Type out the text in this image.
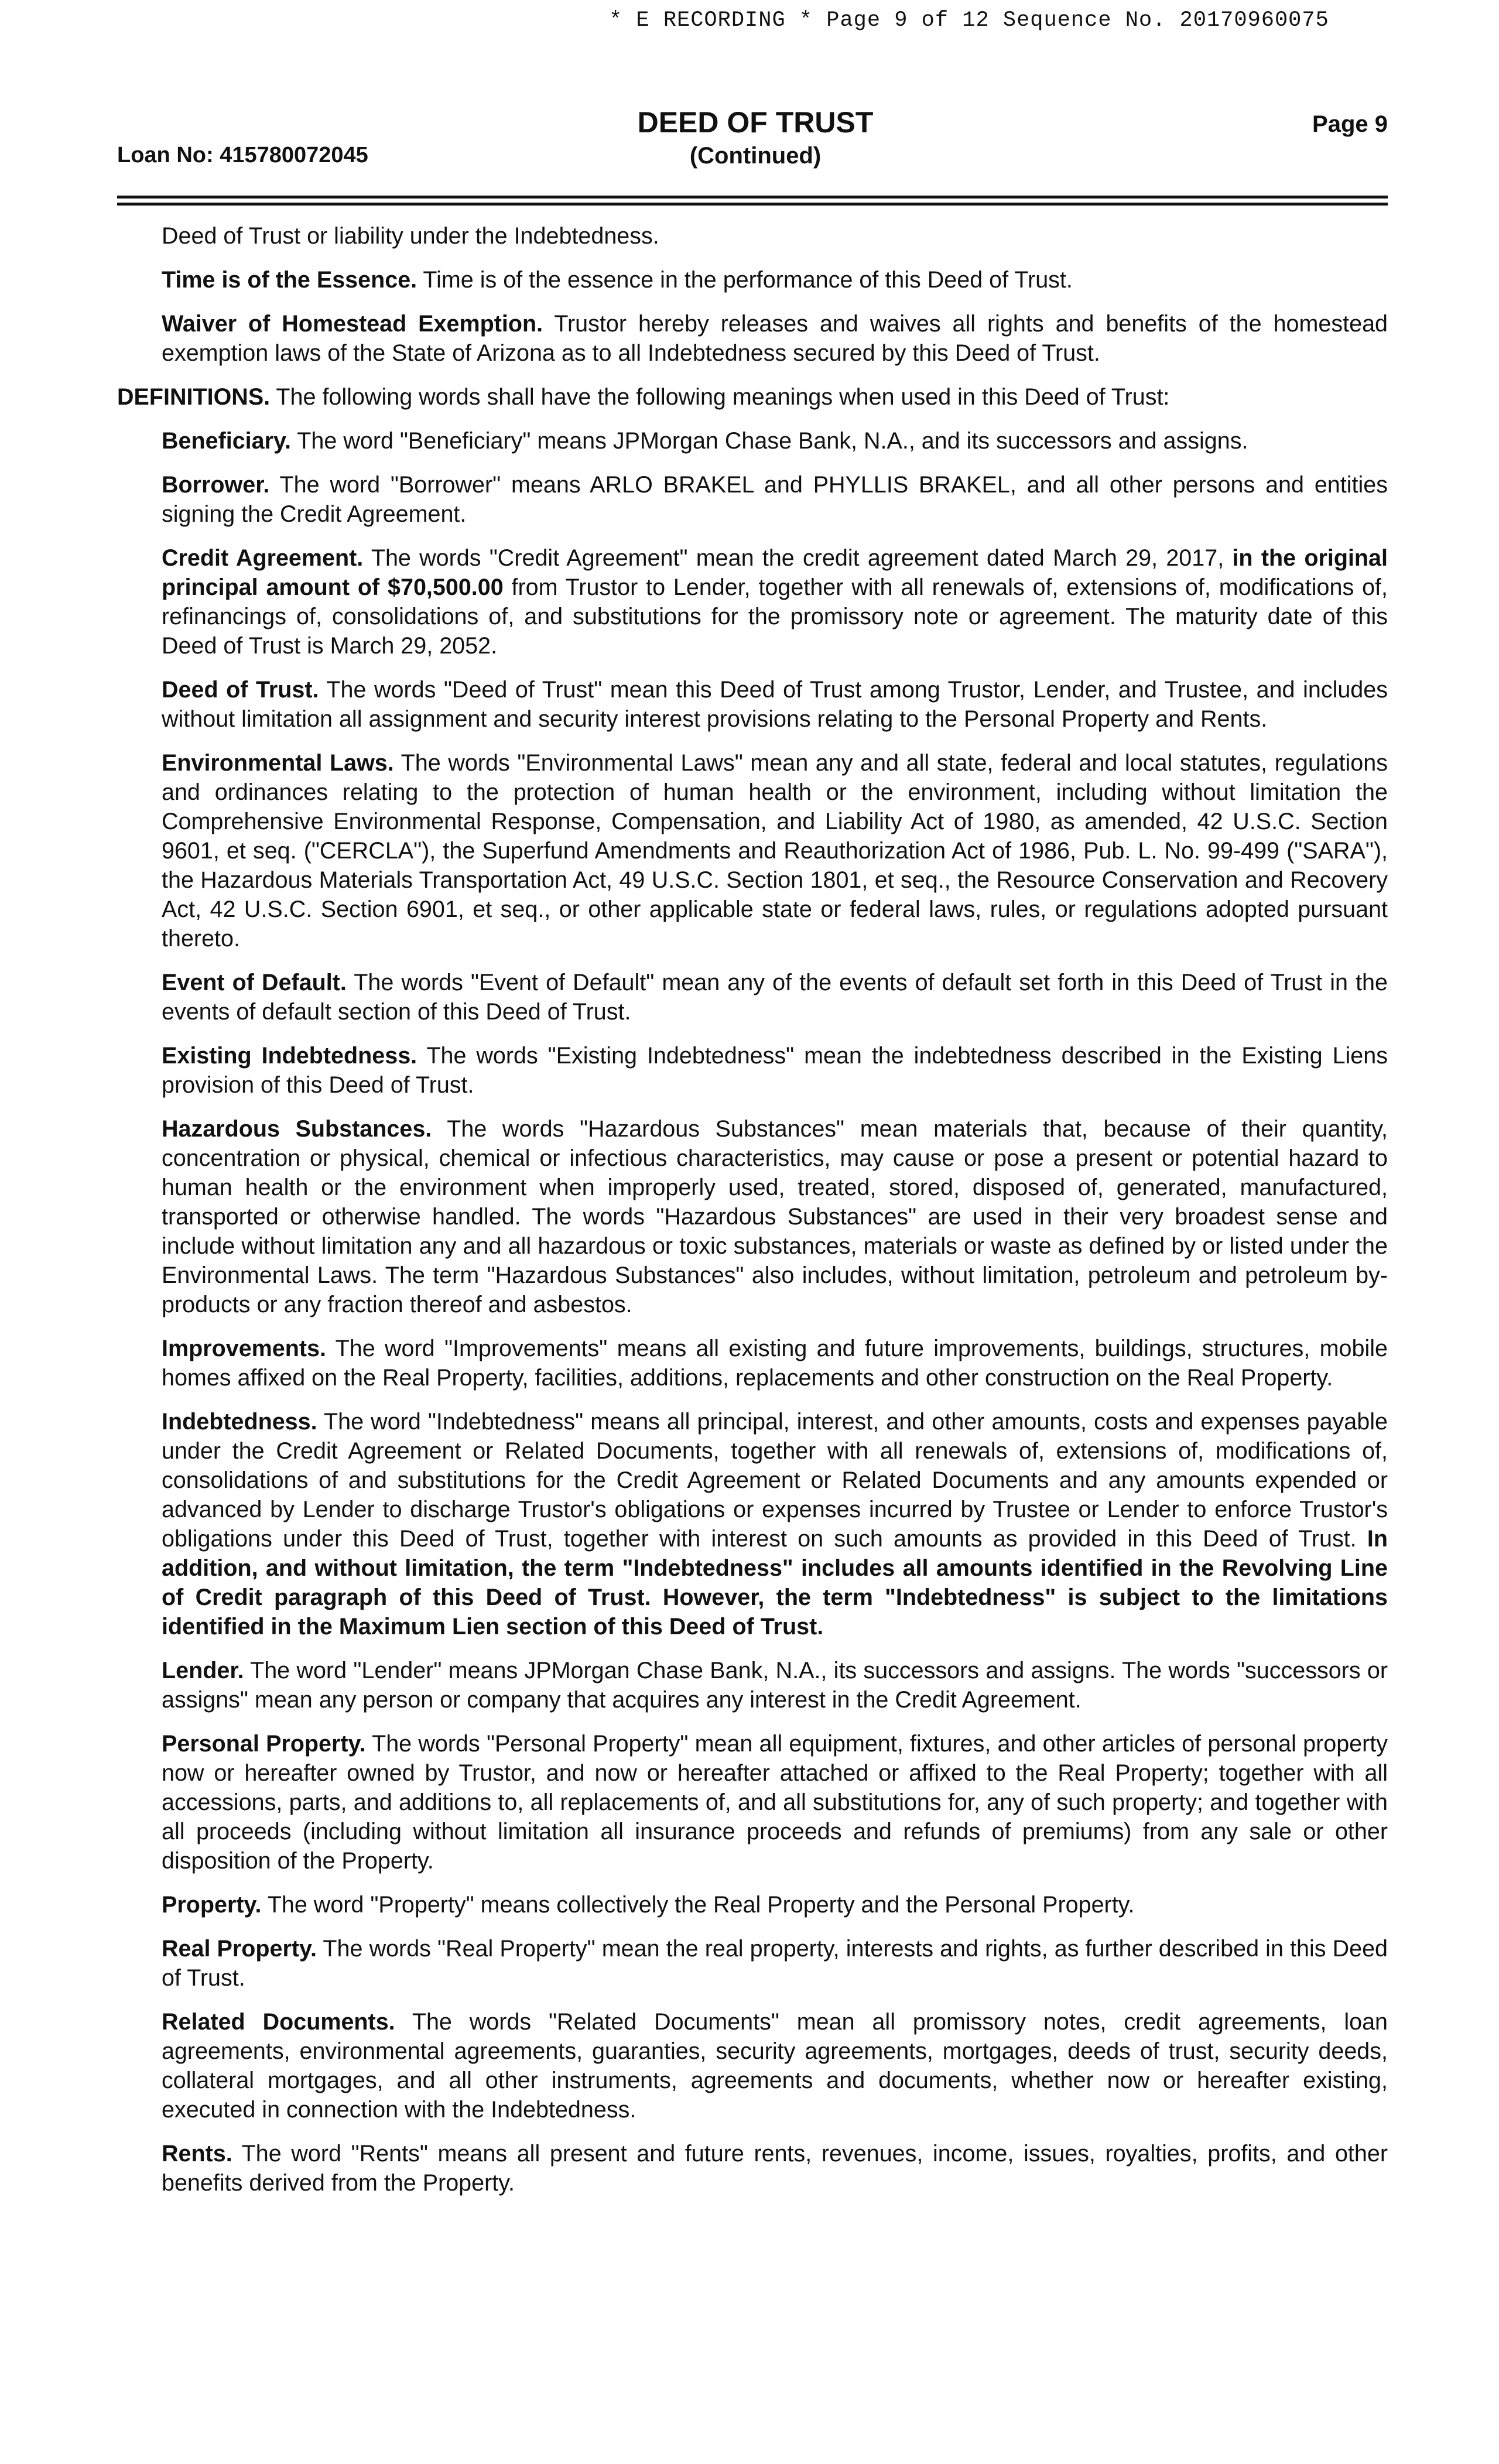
* E RECORDING * Page 9 of 12 Sequence No. 20170960075
DEED OF TRUST
(Continued)
Loan No: 415780072045
Page 9

Deed of Trust or liability under the Indebtedness.

Time is of the Essence. Time is of the essence in the performance of this Deed of Trust.

Waiver of Homestead Exemption. Trustor hereby releases and waives all rights and benefits of the homestead exemption laws of the State of Arizona as to all Indebtedness secured by this Deed of Trust.

DEFINITIONS. The following words shall have the following meanings when used in this Deed of Trust:

Beneficiary. The word "Beneficiary" means JPMorgan Chase Bank, N.A., and its successors and assigns.

Borrower. The word "Borrower" means ARLO BRAKEL and PHYLLIS BRAKEL, and all other persons and entities signing the Credit Agreement.

Credit Agreement. The words "Credit Agreement" mean the credit agreement dated March 29, 2017, in the original principal amount of $70,500.00 from Trustor to Lender, together with all renewals of, extensions of, modifications of, refinancings of, consolidations of, and substitutions for the promissory note or agreement. The maturity date of this Deed of Trust is March 29, 2052.

Deed of Trust. The words "Deed of Trust" mean this Deed of Trust among Trustor, Lender, and Trustee, and includes without limitation all assignment and security interest provisions relating to the Personal Property and Rents.

Environmental Laws. The words "Environmental Laws" mean any and all state, federal and local statutes, regulations and ordinances relating to the protection of human health or the environment, including without limitation the Comprehensive Environmental Response, Compensation, and Liability Act of 1980, as amended, 42 U.S.C. Section 9601, et seq. ("CERCLA"), the Superfund Amendments and Reauthorization Act of 1986, Pub. L. No. 99-499 ("SARA"), the Hazardous Materials Transportation Act, 49 U.S.C. Section 1801, et seq., the Resource Conservation and Recovery Act, 42 U.S.C. Section 6901, et seq., or other applicable state or federal laws, rules, or regulations adopted pursuant thereto.

Event of Default. The words "Event of Default" mean any of the events of default set forth in this Deed of Trust in the events of default section of this Deed of Trust.

Existing Indebtedness. The words "Existing Indebtedness" mean the indebtedness described in the Existing Liens provision of this Deed of Trust.

Hazardous Substances. The words "Hazardous Substances" mean materials that, because of their quantity, concentration or physical, chemical or infectious characteristics, may cause or pose a present or potential hazard to human health or the environment when improperly used, treated, stored, disposed of, generated, manufactured, transported or otherwise handled. The words "Hazardous Substances" are used in their very broadest sense and include without limitation any and all hazardous or toxic substances, materials or waste as defined by or listed under the Environmental Laws. The term "Hazardous Substances" also includes, without limitation, petroleum and petroleum by-products or any fraction thereof and asbestos.

Improvements. The word "Improvements" means all existing and future improvements, buildings, structures, mobile homes affixed on the Real Property, facilities, additions, replacements and other construction on the Real Property.

Indebtedness. The word "Indebtedness" means all principal, interest, and other amounts, costs and expenses payable under the Credit Agreement or Related Documents, together with all renewals of, extensions of, modifications of, consolidations of and substitutions for the Credit Agreement or Related Documents and any amounts expended or advanced by Lender to discharge Trustor's obligations or expenses incurred by Trustee or Lender to enforce Trustor's obligations under this Deed of Trust, together with interest on such amounts as provided in this Deed of Trust. In addition, and without limitation, the term "Indebtedness" includes all amounts identified in the Revolving Line of Credit paragraph of this Deed of Trust. However, the term "Indebtedness" is subject to the limitations identified in the Maximum Lien section of this Deed of Trust.

Lender. The word "Lender" means JPMorgan Chase Bank, N.A., its successors and assigns. The words "successors or assigns" mean any person or company that acquires any interest in the Credit Agreement.

Personal Property. The words "Personal Property" mean all equipment, fixtures, and other articles of personal property now or hereafter owned by Trustor, and now or hereafter attached or affixed to the Real Property; together with all accessions, parts, and additions to, all replacements of, and all substitutions for, any of such property; and together with all proceeds (including without limitation all insurance proceeds and refunds of premiums) from any sale or other disposition of the Property.

Property. The word "Property" means collectively the Real Property and the Personal Property.

Real Property. The words "Real Property" mean the real property, interests and rights, as further described in this Deed of Trust.

Related Documents. The words "Related Documents" mean all promissory notes, credit agreements, loan agreements, environmental agreements, guaranties, security agreements, mortgages, deeds of trust, security deeds, collateral mortgages, and all other instruments, agreements and documents, whether now or hereafter existing, executed in connection with the Indebtedness.

Rents. The word "Rents" means all present and future rents, revenues, income, issues, royalties, profits, and other benefits derived from the Property.
